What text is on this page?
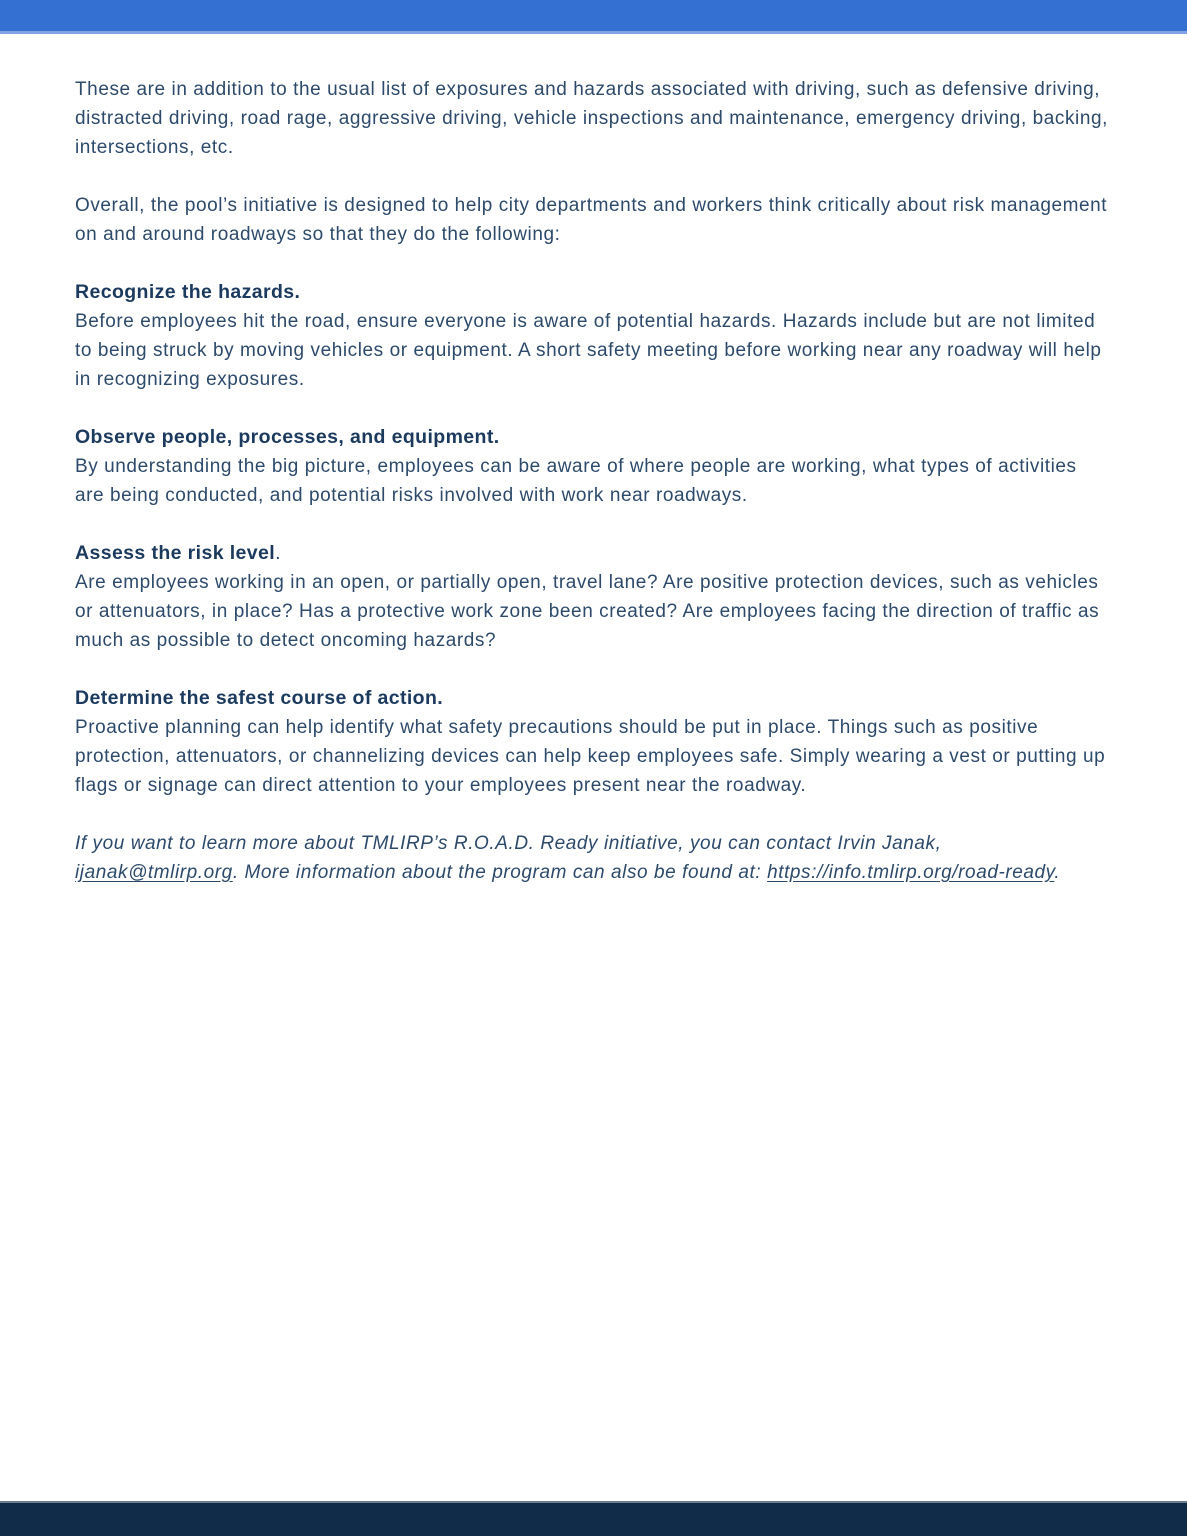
These are in addition to the usual list of exposures and hazards associated with driving, such as defensive driving, distracted driving, road rage, aggressive driving, vehicle inspections and maintenance, emergency driving, backing, intersections, etc.

Overall, the pool’s initiative is designed to help city departments and workers think critically about risk management on and around roadways so that they do the following:

Recognize the hazards.

Before employees hit the road, ensure everyone is aware of potential hazards. Hazards include but are not limited to being struck by moving vehicles or equipment. A short safety meeting before working near any roadway will help in recognizing exposures.

Observe people, processes, and equipment.

By understanding the big picture, employees can be aware of where people are working, what types of activities are being conducted, and potential risks involved with work near roadways.

Assess the risk level.

Are employees working in an open, or partially open, travel lane? Are positive protection devices, such as vehicles or attenuators, in place? Has a protective work zone been created? Are employees facing the direction of traffic as much as possible to detect oncoming hazards?

Determine the safest course of action.

Proactive planning can help identify what safety precautions should be put in place. Things such as positive protection, attenuators, or channelizing devices can help keep employees safe. Simply wearing a vest or putting up flags or signage can direct attention to your employees present near the roadway.

If you want to learn more about TMLIRP’s R.O.A.D. Ready initiative, you can contact Irvin Janak, ijanak@tmlirp.org. More information about the program can also be found at: https://info.tmlirp.org/road-ready.
